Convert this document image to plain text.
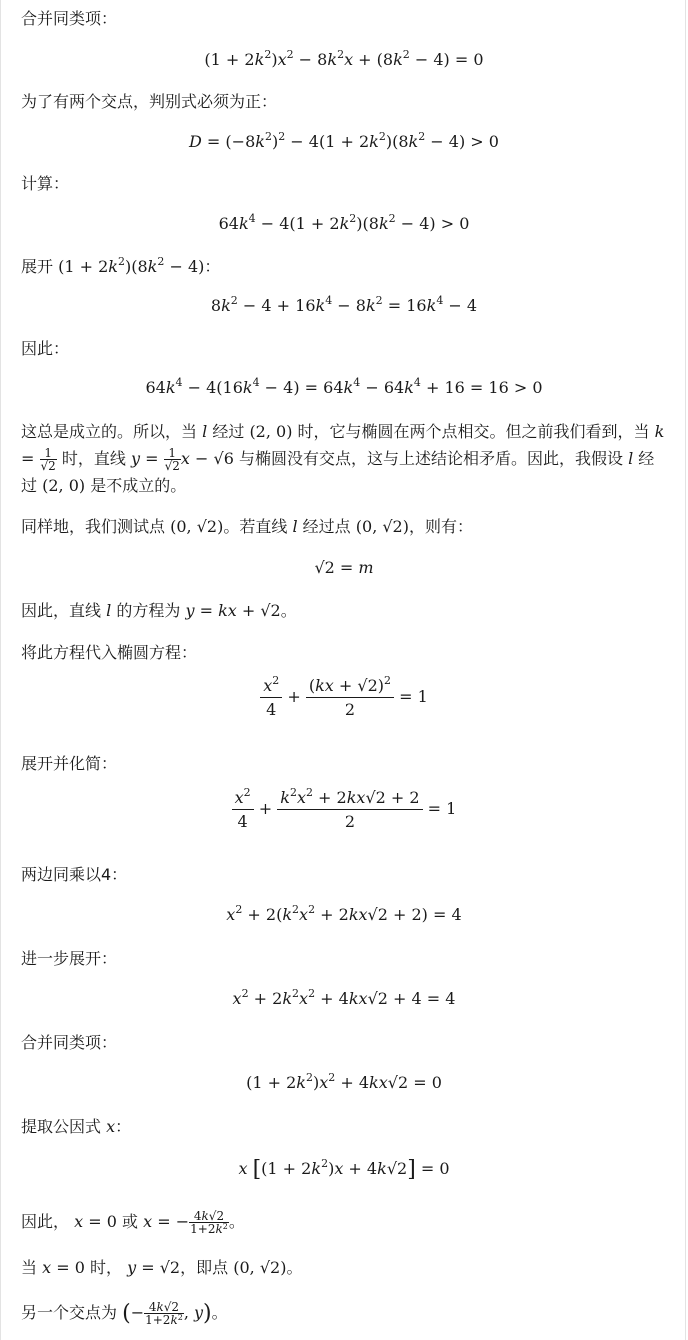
合并同类项：
$(1 + 2k^2)x^2 - 8k^2x + (8k^2 - 4) = 0$
为了有两个交点，判别式必须为正：
$D = (-8k^2)^2 - 4(1 + 2k^2)(8k^2 - 4) > 0$
计算：
$64k^4 - 4(1 + 2k^2)(8k^2 - 4) > 0$
展开 $(1 + 2k^2)(8k^2 - 4)$：
$8k^2 - 4 + 16k^4 - 8k^2 = 16k^4 - 4$
因此：
$64k^4 - 4(16k^4 - 4) = 64k^4 - 64k^4 + 16 = 16 > 0$
这总是成立的。所以，当 l 经过 (2, 0) 时，它与椭圆在两个点相交。但之前我们看到，当 $k = \frac{1}{√2}$ 时，直线 $y = \frac{1}{√2}$ x − √6 与椭圆没有交点，这与上述结论相矛盾。因此，我假设 l 经过 (2, 0) 是不成立的。
同样地，我们测试点 (0, √2)。若直线 l 经过点 (0, √2)，则有：
√2 = m
因此，直线 l 的方程为 y = kx + √2。
将此方程代入椭圆方程：
$\frac{x^2}{4} + \frac{(kx + √2)^2}{2} = 1$
展开并化简：
$\frac{x^2}{4} + \frac{k^2x^2 + 2kx√2 + 2}{2} = 1$
两边同乘以4：
$x^2 + 2(k^2x^2 + 2kx√2 + 2) = 4$
进一步展开：
$x^2 + 2k^2x^2 + 4kx√2 + 4 = 4$
合并同类项：
$(1 + 2k^2)x^2 + 4kx√2 = 0$
提取公因式 x：
x $[(1 + 2k^2)x + 4k√2] = 0$
因此， x = 0 或 x = − $\frac{4k√2}{1+2k^2}$ 。
当 x = 0 时， y = √2，即点 (0, √2)。
另一个交点为 (− $\frac{4k√2}{1+2k^2}$ , y)。
